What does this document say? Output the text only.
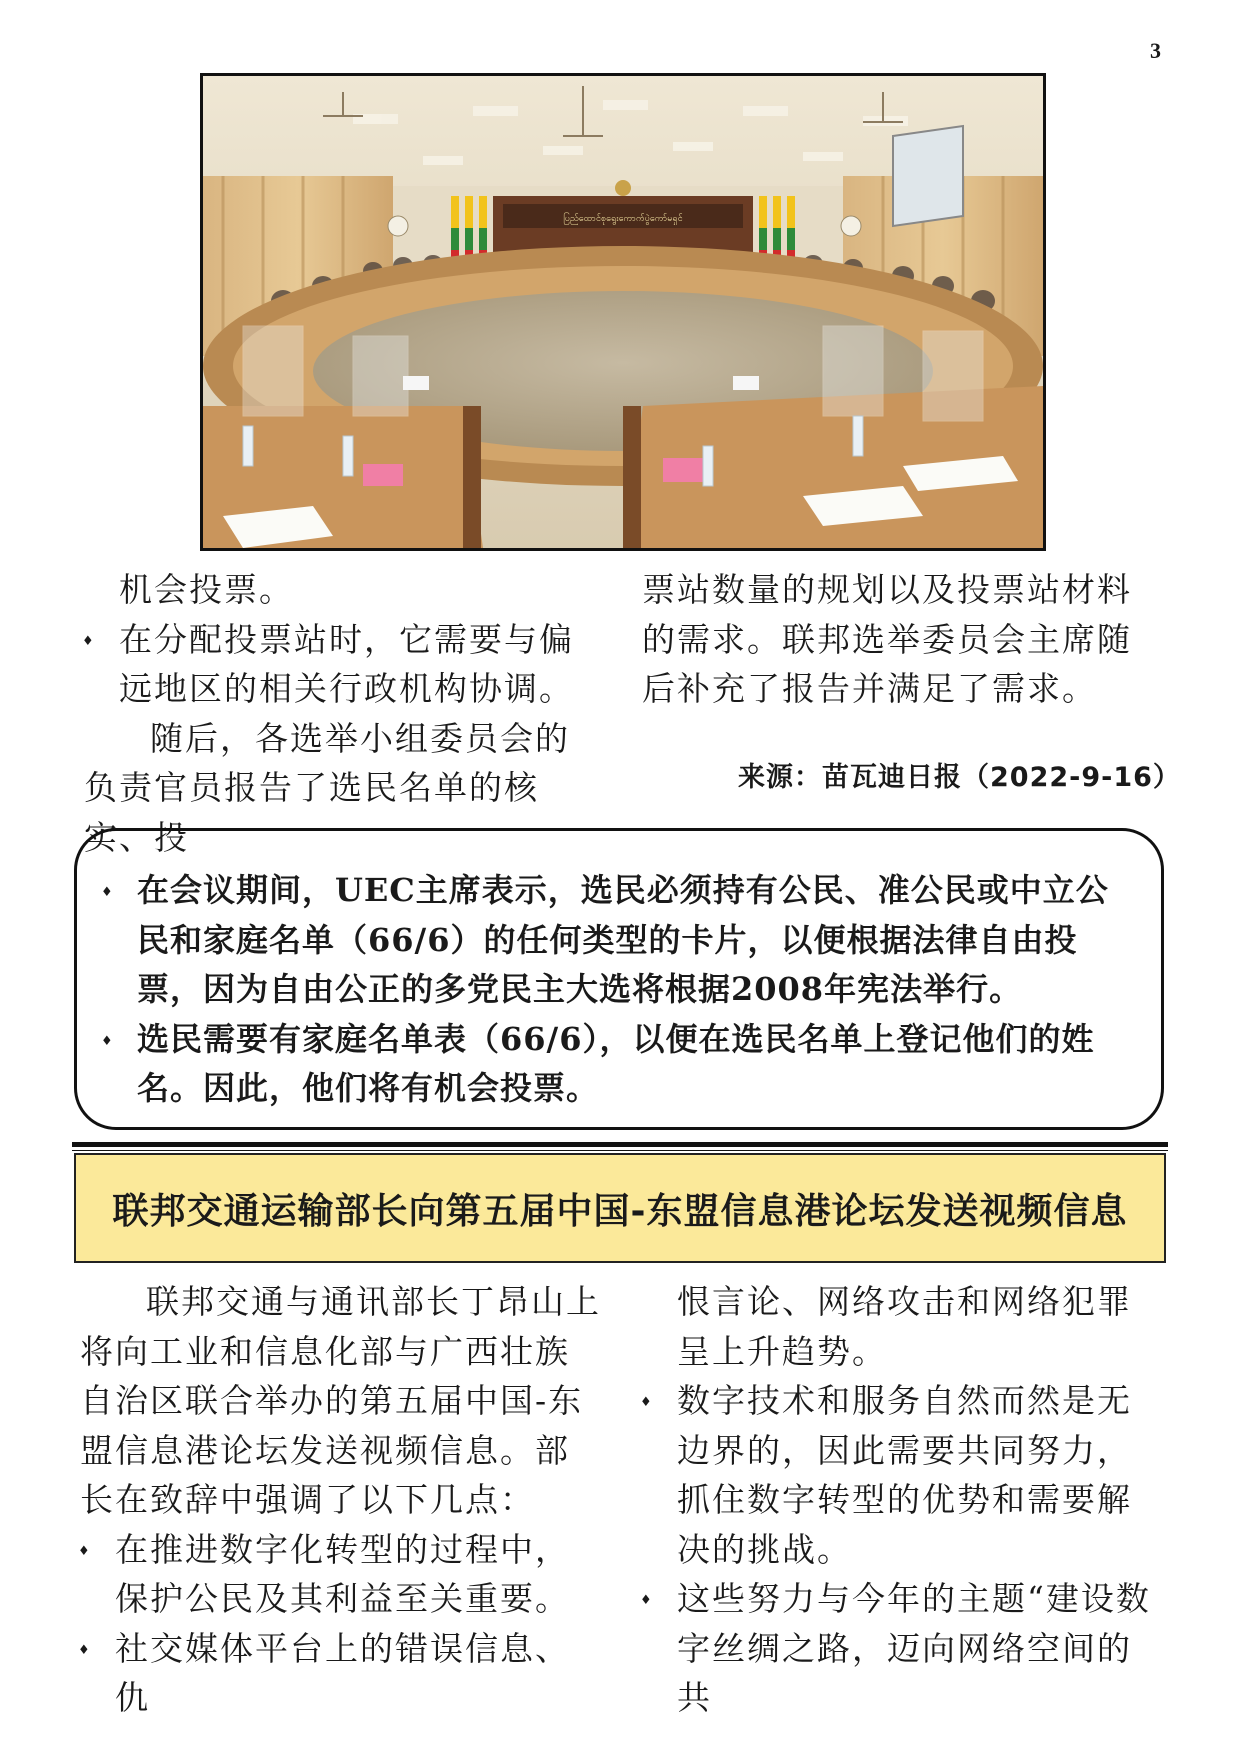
3
ပြည်ထောင်စုရွေးကောက်ပွဲကော်မရှင်

机会投票。

♦ 在分配投票站时，它需要与偏远地区的相关行政机构协调。

随后，各选举小组委员会的负责官员报告了选民名单的核实、投

票站数量的规划以及投票站材料的需求。联邦选举委员会主席随后补充了报告并满足了需求。

来源：苗瓦迪日报（2022-9-16）

♦ 在会议期间，UEC主席表示，选民必须持有公民、准公民或中立公民和家庭名单（66/6）的任何类型的卡片，以便根据法律自由投票，因为自由公正的多党民主大选将根据2008年宪法举行。

♦ 选民需要有家庭名单表（66/6），以便在选民名单上登记他们的姓名。因此，他们将有机会投票。

联邦交通运输部长向第五届中国-东盟信息港论坛发送视频信息

联邦交通与通讯部长丁昂山上将向工业和信息化部与广西壮族自治区联合举办的第五届中国-东盟信息港论坛发送视频信息。部长在致辞中强调了以下几点：

♦ 在推进数字化转型的过程中，保护公民及其利益至关重要。

♦ 社交媒体平台上的错误信息、仇

恨言论、网络攻击和网络犯罪呈上升趋势。

♦ 数字技术和服务自然而然是无边界的，因此需要共同努力，抓住数字转型的优势和需要解决的挑战。

♦ 这些努力与今年的主题“建设数字丝绸之路，迈向网络空间的共
